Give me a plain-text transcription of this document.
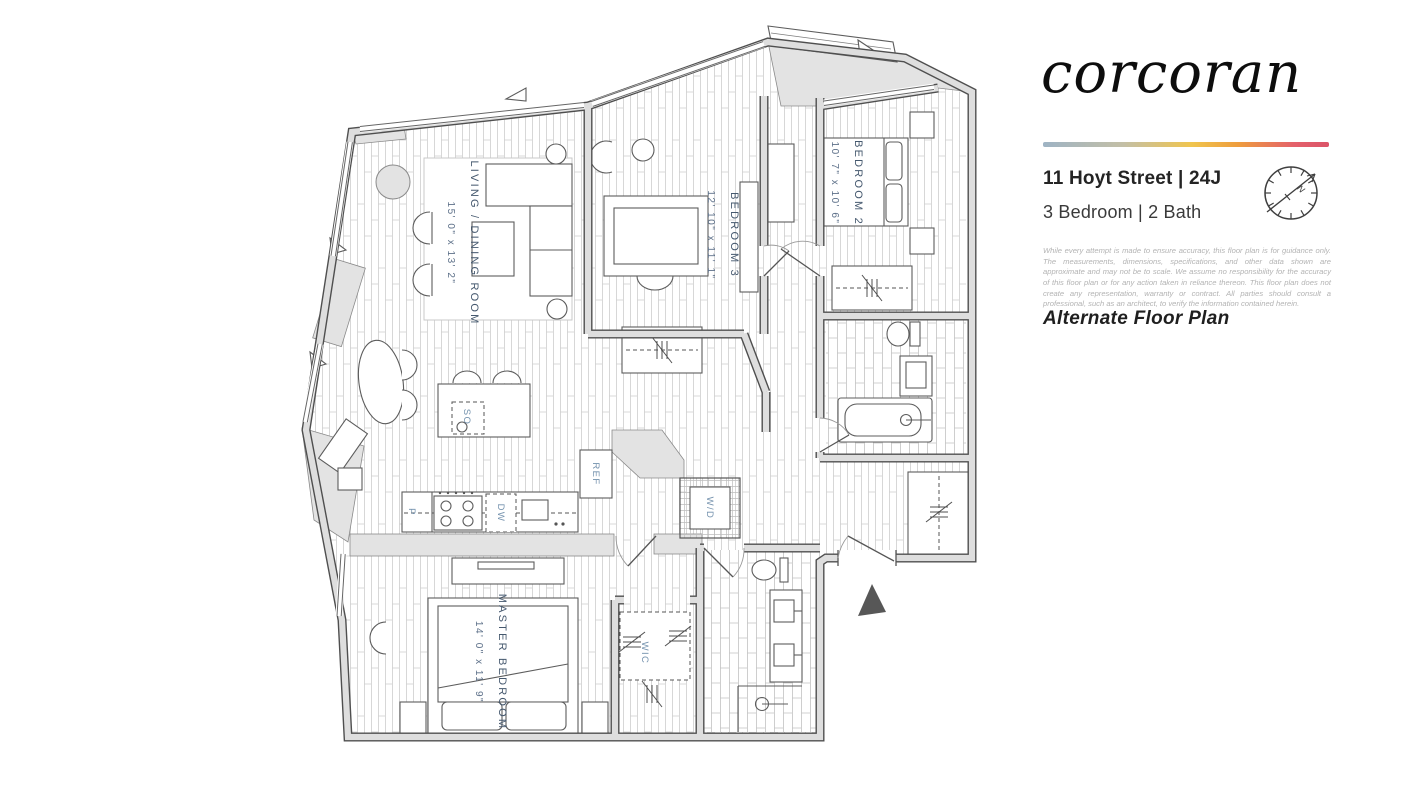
LIVING / DINING ROOM
15' 0" x 13' 2"	BEDROOM 3
12' 10" x 11' 1"
BEDROOM 2
10' 7" x 10' 6"
MASTER BEDROOM
14' 0" x 11' 9"	WIC
W/D
REF
DW
P
SO
corcoran
11 Hoyt Street | 24J
3 Bedroom | 2 Bath
N

While every attempt is made to ensure accuracy, this floor plan is for guidance only. The measurements, dimensions, specifications, and other data shown are approximate and may not be to scale. We assume no responsibility for the accuracy of this floor plan or for any action taken in reliance thereon. This floor plan does not create any representation, warranty or contract. All parties should consult a professional, such as an architect, to verify the information contained herein.

Alternate Floor Plan
